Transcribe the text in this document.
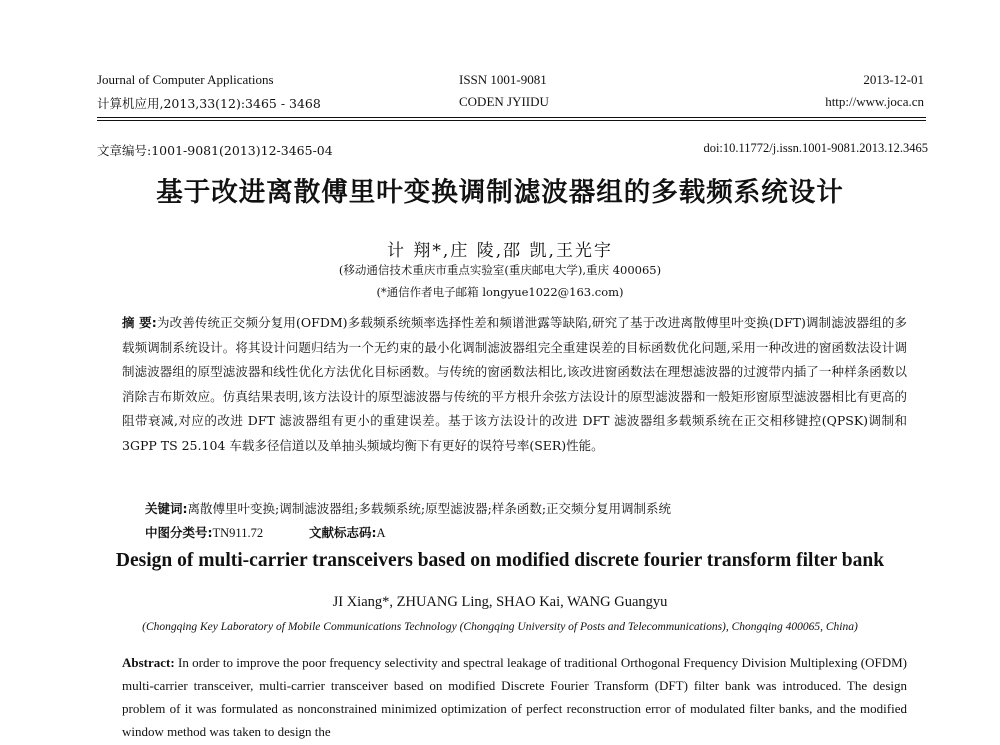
Journal of Computer Applications
计算机应用,2013,33(12):3465 - 3468
ISSN 1001-9081
CODEN JYIIDU
2013-12-01
http://www.joca.cn
文章编号:1001-9081(2013)12-3465-04	doi:10.11772/j.issn.1001-9081.2013.12.3465
基于改进离散傅里叶变换调制滤波器组的多载频系统设计
计 翔*,庄 陵,邵 凯,王光宇
(移动通信技术重庆市重点实验室(重庆邮电大学),重庆 400065)
(*通信作者电子邮箱 longyue1022@163.com)
摘 要:为改善传统正交频分复用(OFDM)多载频系统频率选择性差和频谱泄露等缺陷,研究了基于改进离散傅里叶变换(DFT)调制滤波器组的多载频调制系统设计。将其设计问题归结为一个无约束的最小化调制滤波器组完全重建误差的目标函数优化问题,采用一种改进的窗函数法设计调制滤波器组的原型滤波器和线性优化方法优化目标函数。与传统的窗函数法相比,该改进窗函数法在理想滤波器的过渡带内插了一种样条函数以消除吉布斯效应。仿真结果表明,该方法设计的原型滤波器与传统的平方根升余弦方法设计的原型滤波器和一般矩形窗原型滤波器相比有更高的阻带衰减,对应的改进 DFT 滤波器组有更小的重建误差。基于该方法设计的改进 DFT 滤波器组多载频系统在正交相移键控(QPSK)调制和 3GPP TS 25.104 车载多径信道以及单抽头频域均衡下有更好的误符号率(SER)性能。
关键词:离散傅里叶变换;调制滤波器组;多载频系统;原型滤波器;样条函数;正交频分复用调制系统
中图分类号:TN911.72	文献标志码:A
Design of multi-carrier transceivers based on modified discrete fourier transform filter bank
JI Xiang*, ZHUANG Ling, SHAO Kai, WANG Guangyu
(Chongqing Key Laboratory of Mobile Communications Technology (Chongqing University of Posts and Telecommunications), Chongqing 400065, China)
Abstract: In order to improve the poor frequency selectivity and spectral leakage of traditional Orthogonal Frequency Division Multiplexing (OFDM) multi-carrier transceiver, multi-carrier transceiver based on modified Discrete Fourier Transform (DFT) filter bank was introduced. The design problem of it was formulated as nonconstrained minimized optimization of perfect reconstruction error of modulated filter banks, and the modified window method was taken to design the
